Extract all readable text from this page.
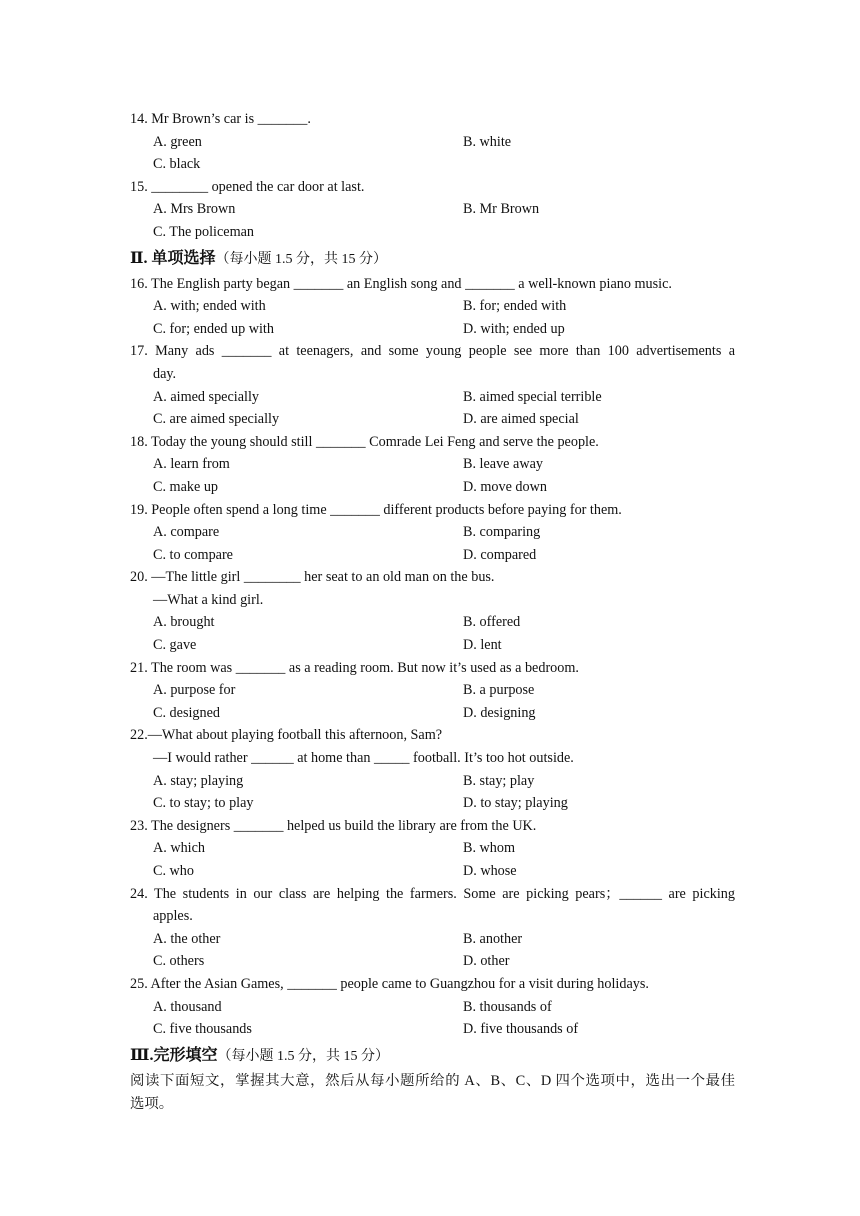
14. Mr Brown’s car is _______.
A. green	B. white
C. black
15. ________ opened the car door at last.
A. Mrs Brown	B. Mr Brown
C. The policeman
Ⅱ. 单项选择（每小题 1.5 分，共 15 分）
16. The English party began _______ an English song and _______ a well-known piano music.
A. with; ended with	B. for; ended with
C. for; ended up with	D. with; ended up
17. Many ads _______ at teenagers, and some young people see more than 100 advertisements a
day.
A. aimed specially	B. aimed special terrible
C. are aimed specially	D. are aimed special
18. Today the young should still _______ Comrade Lei Feng and serve the people.
A. learn from	B. leave away
C. make up	D. move down
19. People often spend a long time _______ different products before paying for them.
A. compare	B. comparing
C. to compare	D. compared
20. —The little girl ________ her seat to an old man on the bus.
—What a kind girl.
A. brought	B. offered
C. gave	D. lent
21. The room was _______ as a reading room. But now it’s used as a bedroom.
A. purpose for	B. a purpose
C. designed	D. designing
22.—What about playing football this afternoon, Sam?
—I would rather ______ at home than _____ football. It’s too hot outside.
A. stay; playing	B. stay; play
C. to stay; to play	D. to stay; playing
23. The designers _______ helped us build the library are from the UK.
A. which	B. whom
C. who	D. whose
24. The students in our class are helping the farmers. Some are picking pears；______ are picking
apples.
A. the other	B. another
C. others	D. other
25. After the Asian Games, _______ people came to Guangzhou for a visit during holidays.
A. thousand	B. thousands of
C. five thousands	D. five thousands of
Ⅲ.完形填空（每小题 1.5 分，共 15 分）
阅读下面短文，掌握其大意，然后从每小题所给的 A、B、C、D 四个选项中，选出一个最佳
选项。
